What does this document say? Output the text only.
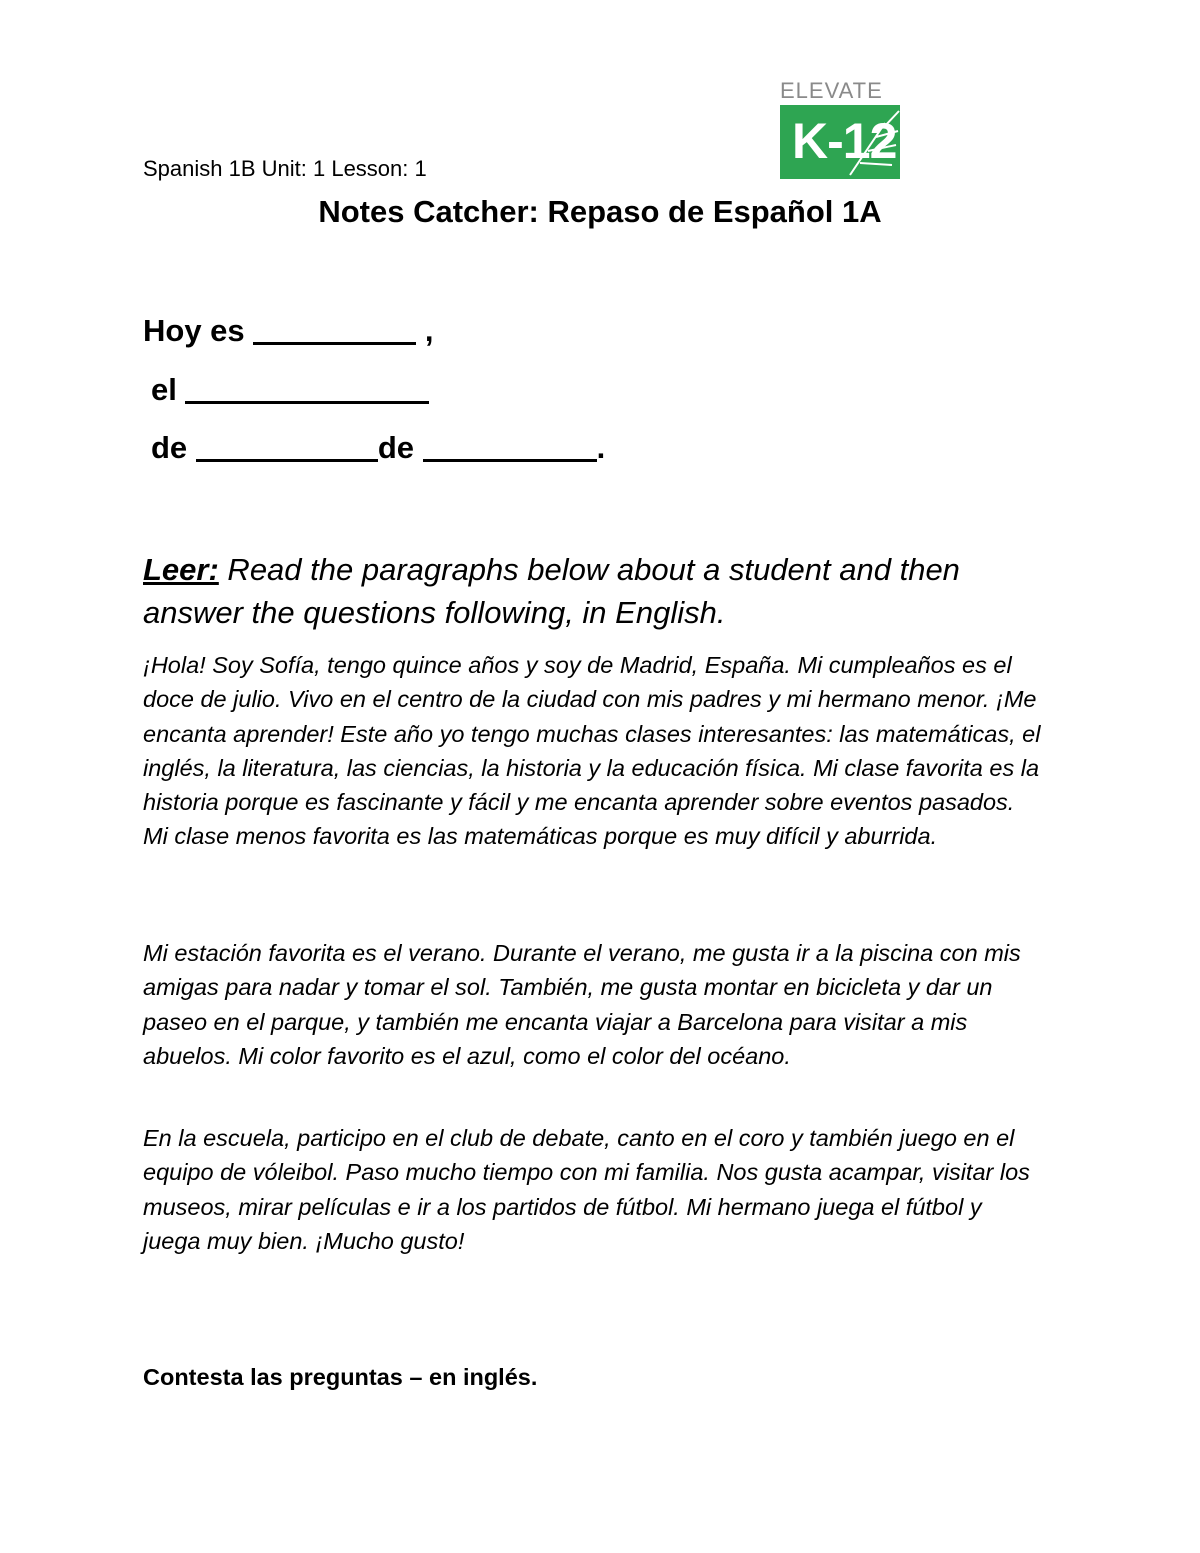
ELEVATE
K-12
Spanish 1B Unit: 1 Lesson: 1
Notes Catcher: Repaso de Español 1A
Hoy es	,
el
de	de	.
Leer: Read the paragraphs below about a student and then answer the questions following, in English.

¡Hola! Soy Sofía, tengo quince años y soy de Madrid, España. Mi cumpleaños es el doce de julio. Vivo en el centro de la ciudad con mis padres y mi hermano menor. ¡Me encanta aprender! Este año yo tengo muchas clases interesantes: las matemáticas, el inglés, la literatura, las ciencias, la historia y la educación física. Mi clase favorita es la historia porque es fascinante y fácil y me encanta aprender sobre eventos pasados. Mi clase menos favorita es las matemáticas porque es muy difícil y aburrida.

Mi estación favorita es el verano. Durante el verano, me gusta ir a la piscina con mis amigas para nadar y tomar el sol. También, me gusta montar en bicicleta y dar un paseo en el parque, y también me encanta viajar a Barcelona para visitar a mis abuelos. Mi color favorito es el azul, como el color del océano.

En la escuela, participo en el club de debate, canto en el coro y también juego en el equipo de vóleibol. Paso mucho tiempo con mi familia. Nos gusta acampar, visitar los museos, mirar películas e ir a los partidos de fútbol. Mi hermano juega el fútbol y juega muy bien. ¡Mucho gusto!

Contesta las preguntas – en inglés.
